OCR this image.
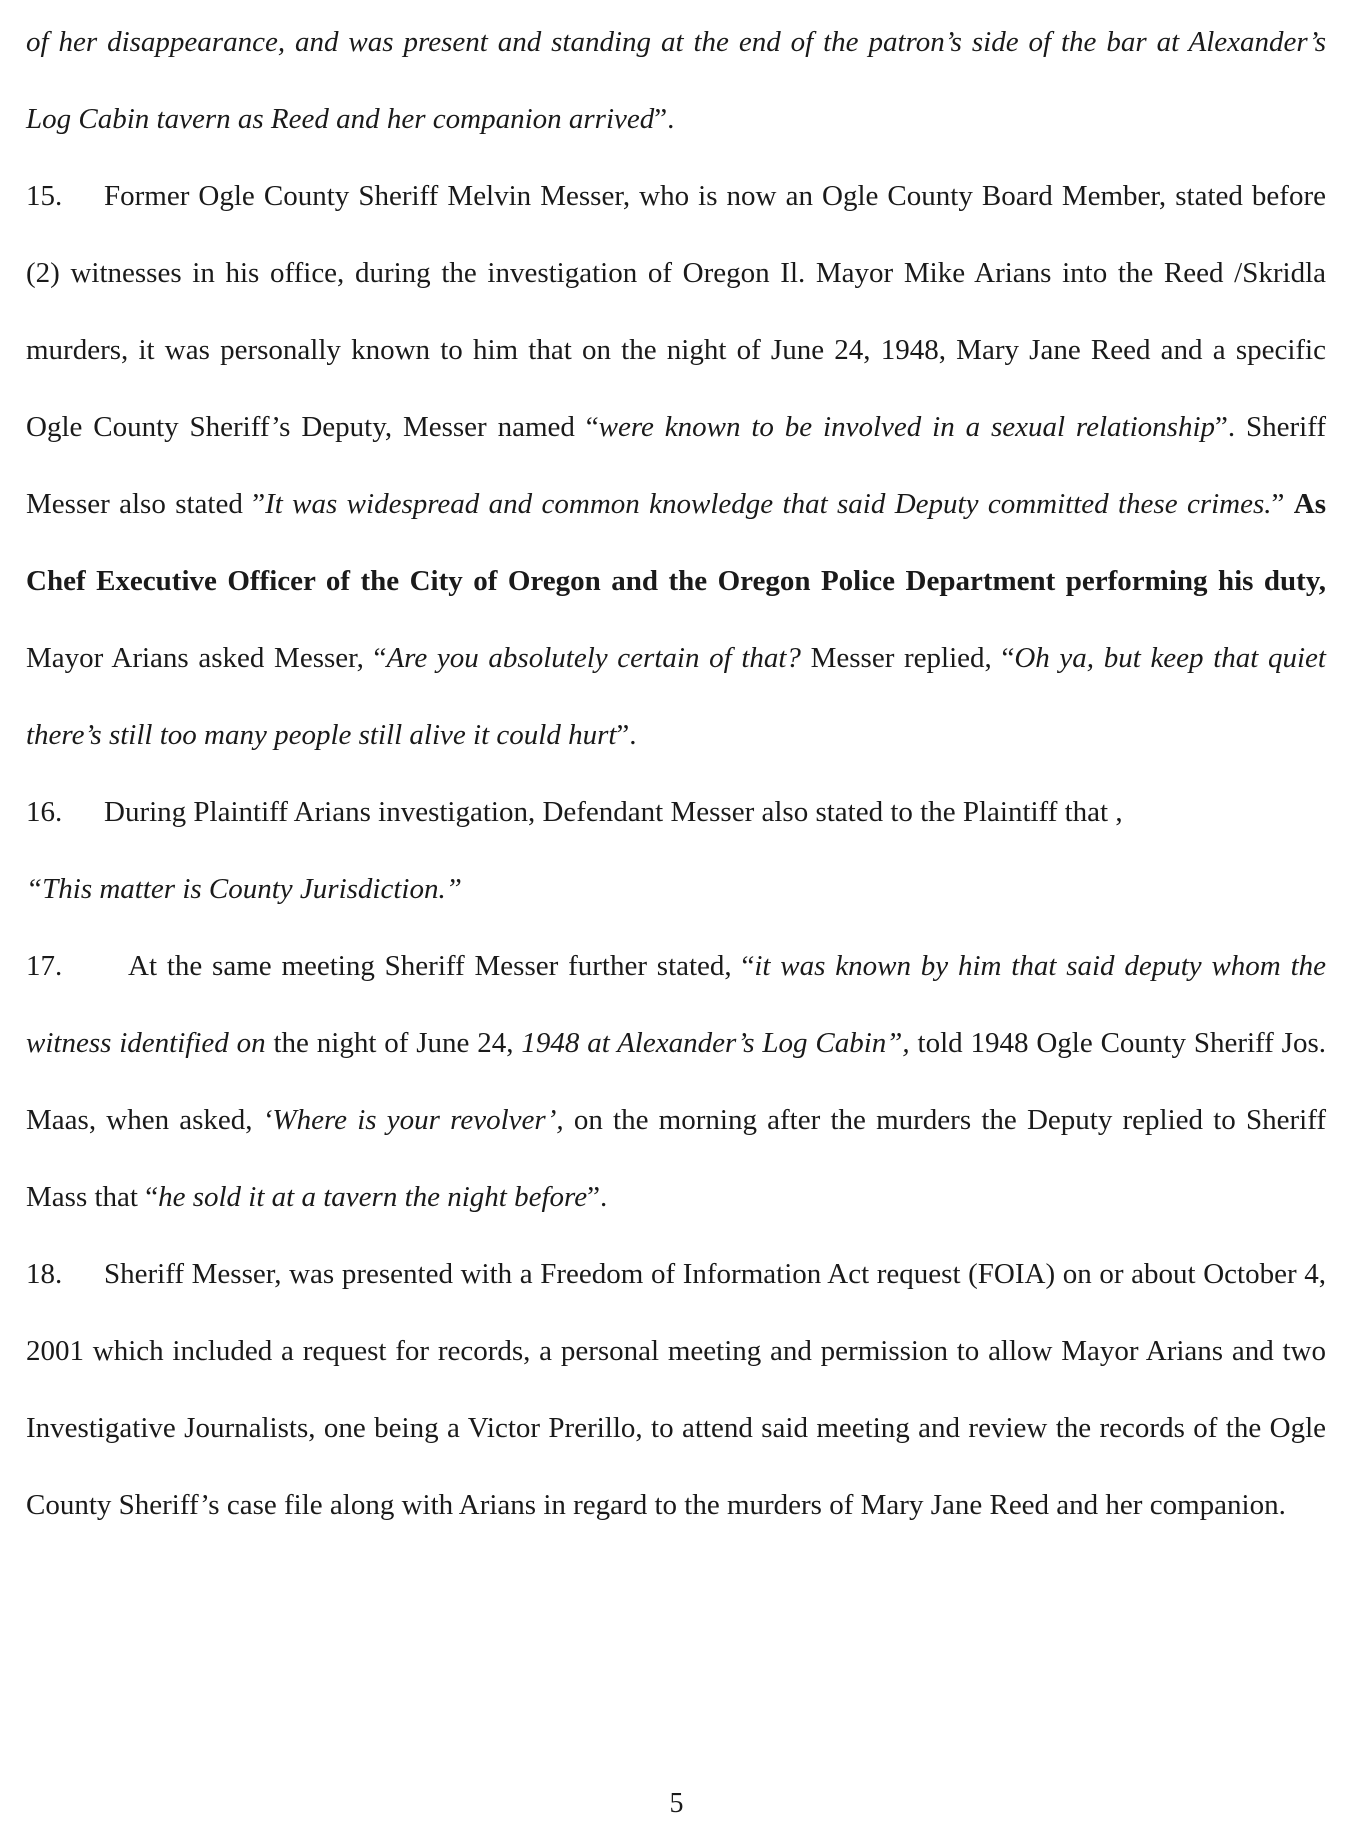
of her disappearance, and was present and standing at the end of the patron’s side of the bar at Alexander’s Log Cabin tavern as Reed and her companion arrived”.

15. Former Ogle County Sheriff Melvin Messer, who is now an Ogle County Board Member, stated before (2) witnesses in his office, during the investigation of Oregon Il. Mayor Mike Arians into the Reed /Skridla murders, it was personally known to him that on the night of June 24, 1948, Mary Jane Reed and a specific Ogle County Sheriff’s Deputy, Messer named “were known to be involved in a sexual relationship”. Sheriff Messer also stated ”It was widespread and common knowledge that said Deputy committed these crimes.” As Chef Executive Officer of the City of Oregon and the Oregon Police Department performing his duty, Mayor Arians asked Messer, “Are you absolutely certain of that? Messer replied, “Oh ya, but keep that quiet there’s still too many people still alive it could hurt”.

16. During Plaintiff Arians investigation, Defendant Messer also stated to the Plaintiff that ,
“This matter is County Jurisdiction.”

17. At the same meeting Sheriff Messer further stated, “it was known by him that said deputy whom the witness identified on the night of June 24, 1948 at Alexander’s Log Cabin”, told 1948 Ogle County Sheriff Jos. Maas, when asked, ‘Where is your revolver’, on the morning after the murders the Deputy replied to Sheriff Mass that “he sold it at a tavern the night before”.

18. Sheriff Messer, was presented with a Freedom of Information Act request (FOIA) on or about October 4, 2001 which included a request for records, a personal meeting and permission to allow Mayor Arians and two Investigative Journalists, one being a Victor Prerillo, to attend said meeting and review the records of the Ogle County Sheriff’s case file along with Arians in regard to the murders of Mary Jane Reed and her companion.

5
